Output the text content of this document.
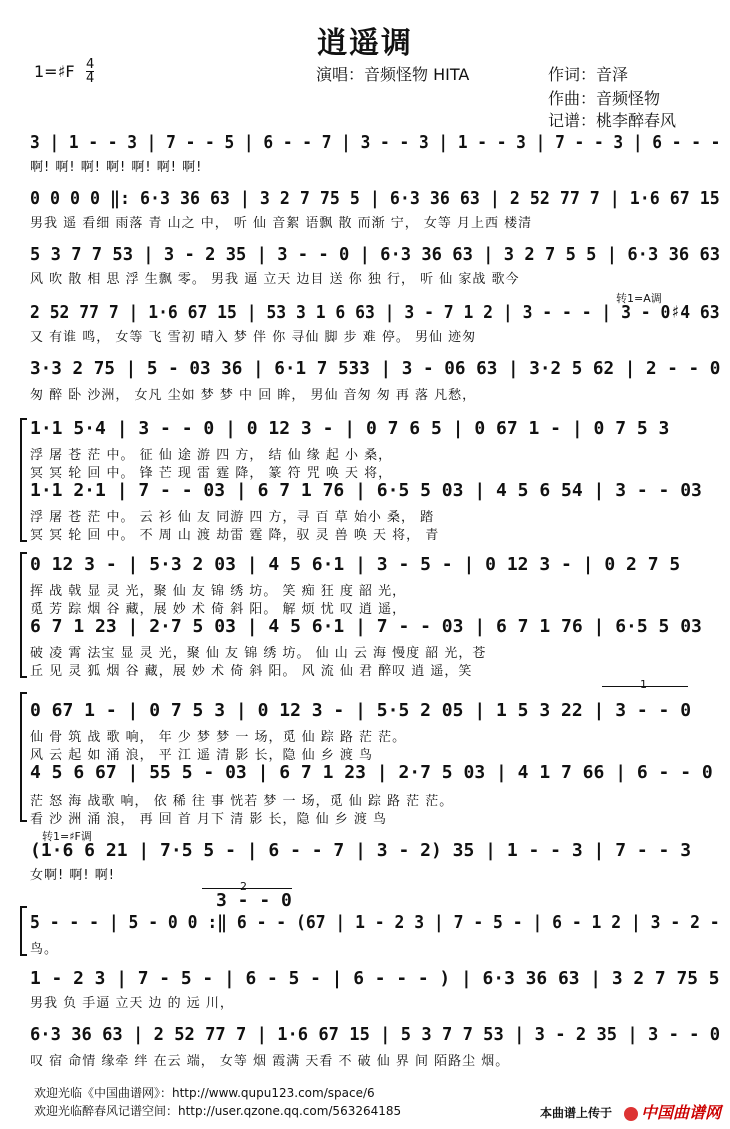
逍遥调
1=♯F 4
4	演唱：音频怪物 HITA	作词：音泽
作曲：音频怪物
记谱：桃李醉春风
3 | 1 - - 3 | 7 - - 5 | 6 - - 7 | 3 - - 3 | 1 - - 3 | 7 - - 3 | 6 - - -
啊! 啊! 啊! 啊! 啊! 啊! 啊!
0 0 0 0 ‖: 6·3 36 63 | 3 2 7 75 5 | 6·3 36 63 | 2 52 77 7 | 1·6 67 15
男我 遥 看细 雨落 青 山之 中， 听 仙 音絮 语飘 散 而渐 宁， 女等 月上西 楼清
5 3 7 7 53 | 3 - 2 35 | 3 - - 0 | 6·3 36 63 | 3 2 7 5 5 | 6·3 36 63
风 吹 散 相 思 浮 生飘 零。 男我 逼 立天 边目 送 你 独 行， 听 仙 家战 歌今
转1=A调
2 52 77 7 | 1·6 67 15 | 53 3 1 6 63 | 3 - 7 1 2 | 3 - - - | 3 - 0♯4 63
又 有谁 鸣， 女等 飞 雪初 晴入 梦 伴 你 寻仙 脚 步 难 停。 男仙 迹匆
3·3 2 75 | 5 - 03 36 | 6·1 7 533 | 3 - 06 63 | 3·2 5 62 | 2 - - 0
匆 醉 卧 沙洲， 女凡 尘如 梦 梦 中 回 眸， 男仙 音匆 匆 再 落 凡愁，
1·1 5·4 | 3 - - 0 | 0 12 3 - | 0 7 6 5 | 0 67 1 - | 0 7 5 3
浮 屠 苍 茫 中。 征 仙 途 游 四 方， 结 仙 缘 起 小 桑，
冥 冥 轮 回 中。 锋 芒 现 雷 霆 降， 篆 符 咒 唤 天 将，
1·1 2·1 | 7 - - 03 | 6 7 1 76 | 6·5 5 03 | 4 5 6 54 | 3 - - 03
浮 屠 苍 茫 中。 云 衫 仙 友 同游 四 方，寻 百 草 始小 桑， 踏
冥 冥 轮 回 中。 不 周 山 渡 劫雷 霆 降，驭 灵 兽 唤 天 将， 青
0 12 3 - | 5·3 2 03 | 4 5 6·1 | 3 - 5 - | 0 12 3 - | 0 2 7 5
挥 战 戟 显 灵 光，聚 仙 友 锦 绣 坊。 笑 痴 狂 度 韶 光，
觅 芳 踪 烟 谷 藏，展 妙 术 倚 斜 阳。 解 烦 忧 叹 逍 遥，
6 7 1 23 | 2·7 5 03 | 4 5 6·1 | 7 - - 03 | 6 7 1 76 | 6·5 5 03
破 凌 霄 法宝 显 灵 光，聚 仙 友 锦 绣 坊。 仙 山 云 海 慢度 韶 光，苍
丘 见 灵 狐 烟 谷 藏，展 妙 术 倚 斜 阳。 风 流 仙 君 醉叹 逍 遥，笑
1
0 67 1 - | 0 7 5 3 | 0 12 3 - | 5·5 2 05 | 1 5 3 22 | 3 - - 0
仙 骨 筑 战 歌 响， 年 少 梦 梦 一 场，觅 仙 踪 路 茫 茫。
风 云 起 如 涌 浪， 平 江 遥 清 影 长，隐 仙 乡 渡 鸟
4 5 6 67 | 55 5 - 03 | 6 7 1 23 | 2·7 5 03 | 4 1 7 66 | 6 - - 0
茫 怒 海 战歌 响， 依 稀 往 事 恍若 梦 一 场，觅 仙 踪 路 茫 茫。
看 沙 洲 涌 浪， 再 回 首 月下 清 影 长，隐 仙 乡 渡 鸟
转1=♯F调
(1·6 6 21 | 7·5 5 - | 6 - - 7 | 3 - 2) 35 | 1 - - 3 | 7 - - 3
女啊! 啊! 啊!
2
3 - - 0
5 - - - | 5 - 0 0 :‖ 6 - - (67 | 1 - 2 3 | 7 - 5 - | 6 - 1 2 | 3 - 2 -
鸟。
1 - 2 3 | 7 - 5 - | 6 - 5 - | 6 - - - ) | 6·3 36 63 | 3 2 7 75 5
男我 负 手逼 立天 边 的 远 川，
6·3 36 63 | 2 52 77 7 | 1·6 67 15 | 5 3 7 7 53 | 3 - 2 35 | 3 - - 0
叹 宿 命情 缘牵 绊 在云 端， 女等 烟 霞满 天看 不 破 仙 界 间 陌路尘 烟。
欢迎光临《中国曲谱网》：http://www.qupu123.com/space/6
欢迎光临醉春风记谱空间：http://user.qzone.qq.com/563264185	本曲谱上传于	中国曲谱网
